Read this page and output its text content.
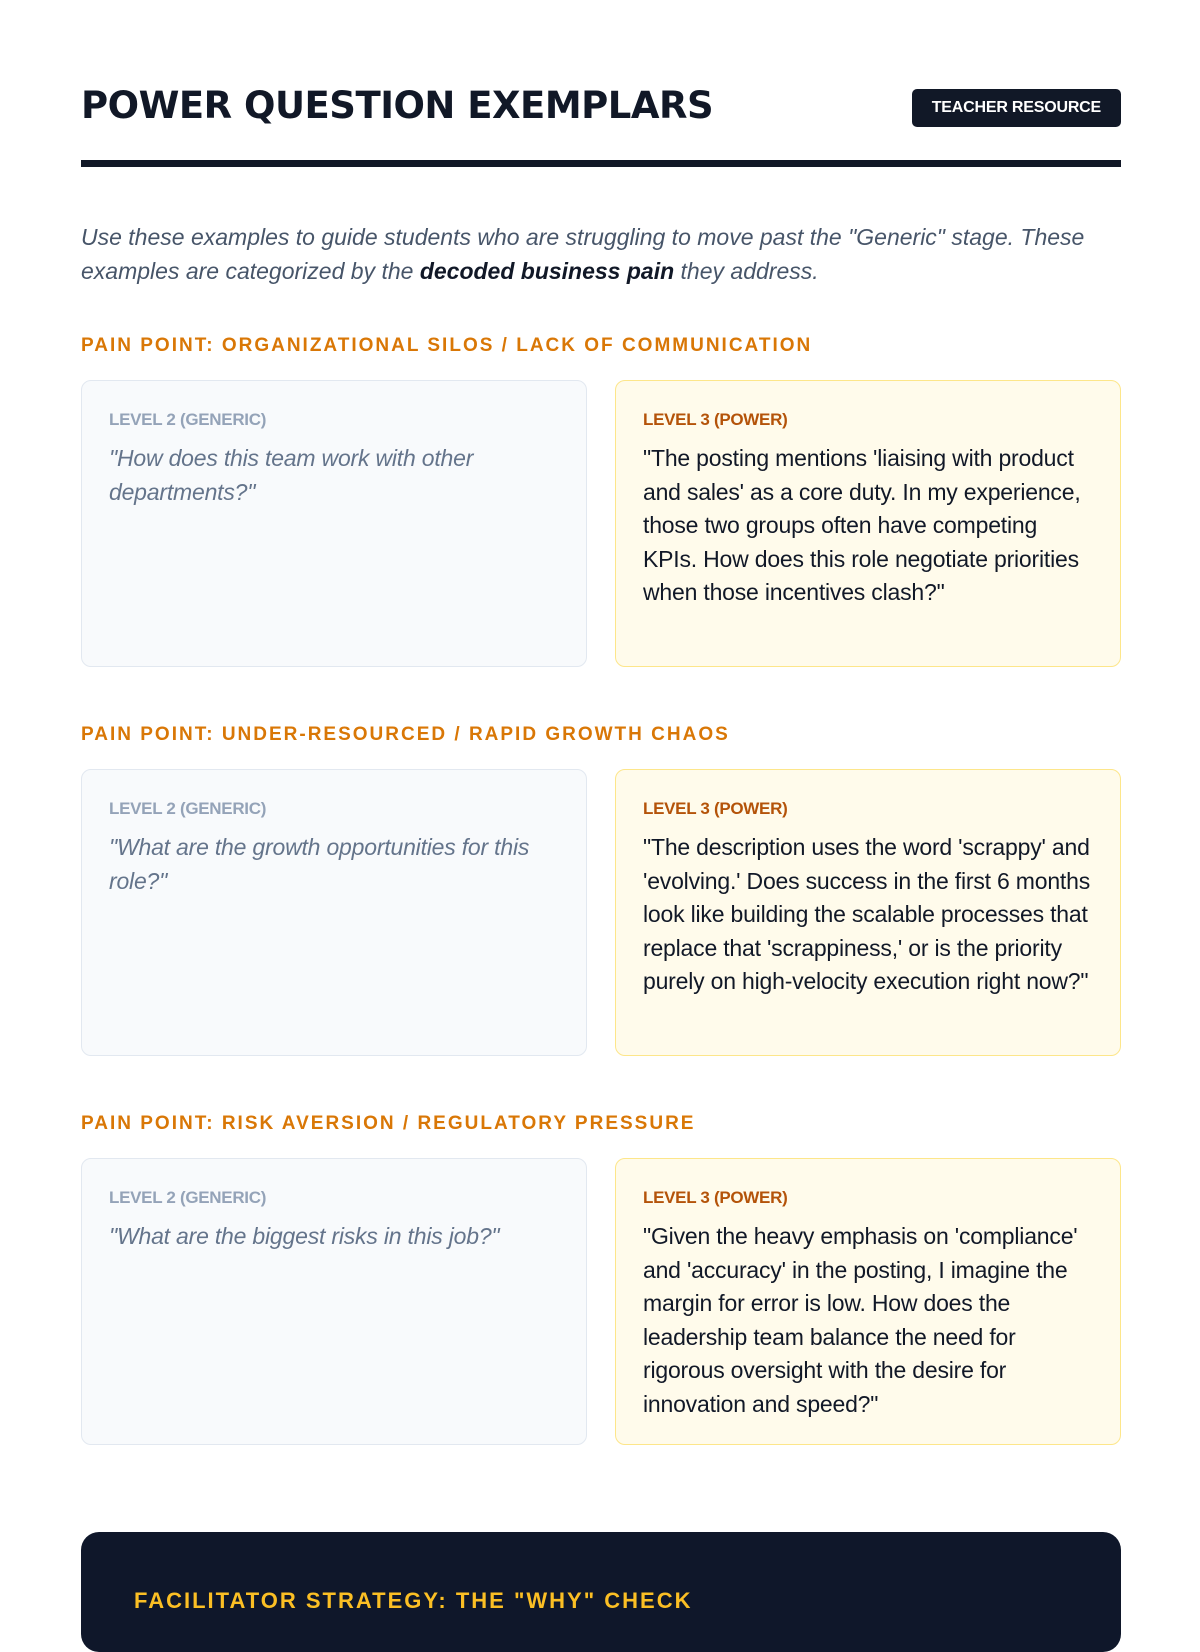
POWER QUESTION EXEMPLARS	TEACHER RESOURCE

Use these examples to guide students who are struggling to move past the "Generic" stage. These examples are categorized by the decoded business pain they address.

PAIN POINT: ORGANIZATIONAL SILOS / LACK OF COMMUNICATION
LEVEL 2 (GENERIC)
"How does this team work with other departments?"
LEVEL 3 (POWER)
"The posting mentions 'liaising with product and sales' as a core duty. In my experience, those two groups often have competing KPIs. How does this role negotiate priorities when those incentives clash?"
PAIN POINT: UNDER-RESOURCED / RAPID GROWTH CHAOS
LEVEL 2 (GENERIC)
"What are the growth opportunities for this role?"
LEVEL 3 (POWER)
"The description uses the word 'scrappy' and 'evolving.' Does success in the first 6 months look like building the scalable processes that replace that 'scrappiness,' or is the priority purely on high-velocity execution right now?"
PAIN POINT: RISK AVERSION / REGULATORY PRESSURE
LEVEL 2 (GENERIC)
"What are the biggest risks in this job?"
LEVEL 3 (POWER)
"Given the heavy emphasis on 'compliance' and 'accuracy' in the posting, I imagine the margin for error is low. How does the leadership team balance the need for rigorous oversight with the desire for innovation and speed?"
FACILITATOR STRATEGY: THE "WHY" CHECK
